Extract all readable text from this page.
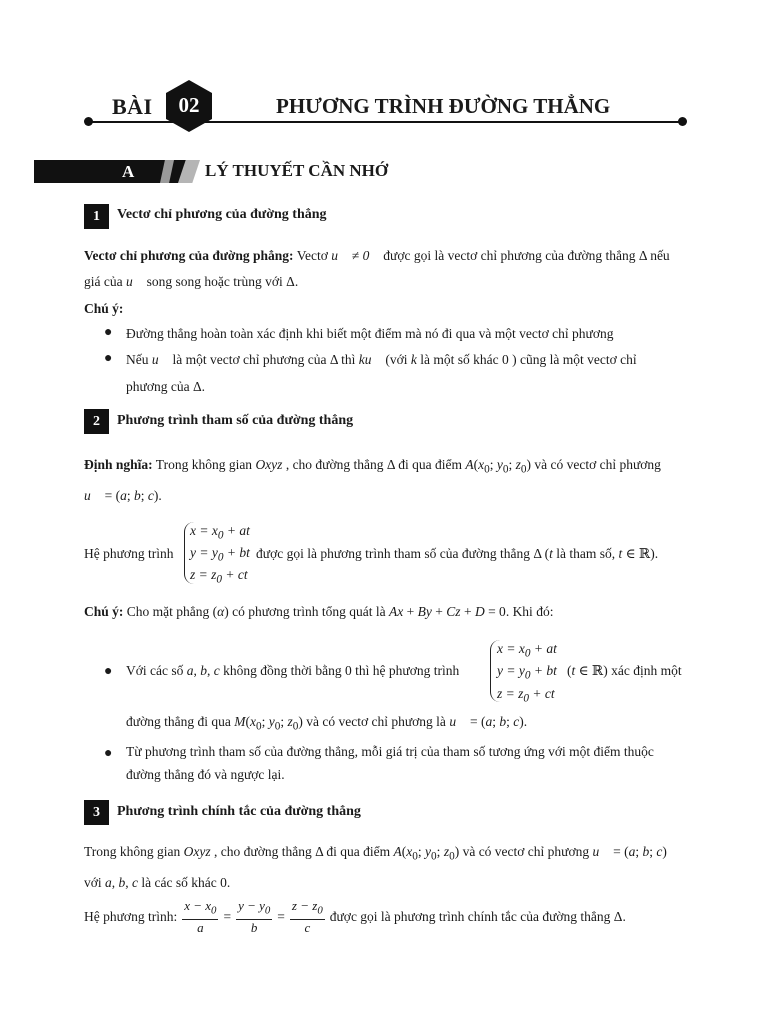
BÀI	02	PHƯƠNG TRÌNH ĐƯỜNG THẲNG
A	LÝ THUYẾT CẦN NHỚ
1	Vectơ chỉ phương của đường thẳng
Vectơ chỉ phương của đường phẳng: Vectơ u⃗ ≠ 0⃗ được gọi là vectơ chỉ phương của đường thẳng Δ nếu
giá của u⃗ song song hoặc trùng với Δ.
Chú ý:
● Đường thẳng hoàn toàn xác định khi biết một điểm mà nó đi qua và một vectơ chỉ phương
● Nếu u⃗ là một vectơ chỉ phương của Δ thì ku⃗ (với k là một số khác 0 ) cũng là một vectơ chỉ
phương của Δ.
2	Phương trình tham số của đường thẳng
Định nghĩa: Trong không gian Oxyz , cho đường thẳng Δ đi qua điểm $A(x_0$; $y_0$; $z_0$) và có vectơ chỉ phương
u⃗ = (a; b; c).
Hệ phương trình
$x = x_0$ + at
$y = y_0$ + bt
$z = z_0$ + ct
được gọi là phương trình tham số của đường thẳng Δ (t là tham số, t ∈ ℝ).
Chú ý: Cho mặt phẳng (α) có phương trình tổng quát là Ax + By + Cz + D = 0. Khi đó:
● Với các số a, b, c không đồng thời bằng 0 thì hệ phương trình
$x = x_0$ + at
$y = y_0$ + bt
$z = z_0$ + ct
(t ∈ ℝ) xác định một
đường thẳng đi qua $M(x_0$; $y_0$; $z_0$) và có vectơ chỉ phương là u⃗ = (a; b; c).
● Từ phương trình tham số của đường thẳng, mỗi giá trị của tham số tương ứng với một điểm thuộc đường thẳng đó và ngược lại.
3	Phương trình chính tắc của đường thẳng
Trong không gian Oxyz , cho đường thẳng Δ đi qua điểm $A(x_0$; $y_0$; $z_0$) và có vectơ chỉ phương u⃗ = (a; b; c)
với a, b, c là các số khác 0.
Hệ phương trình: $\frac{x - x_0}{a} = \frac{y - y_0}{b} = \frac{z - z_0}{c}$ được gọi là phương trình chính tắc của đường thẳng Δ.
